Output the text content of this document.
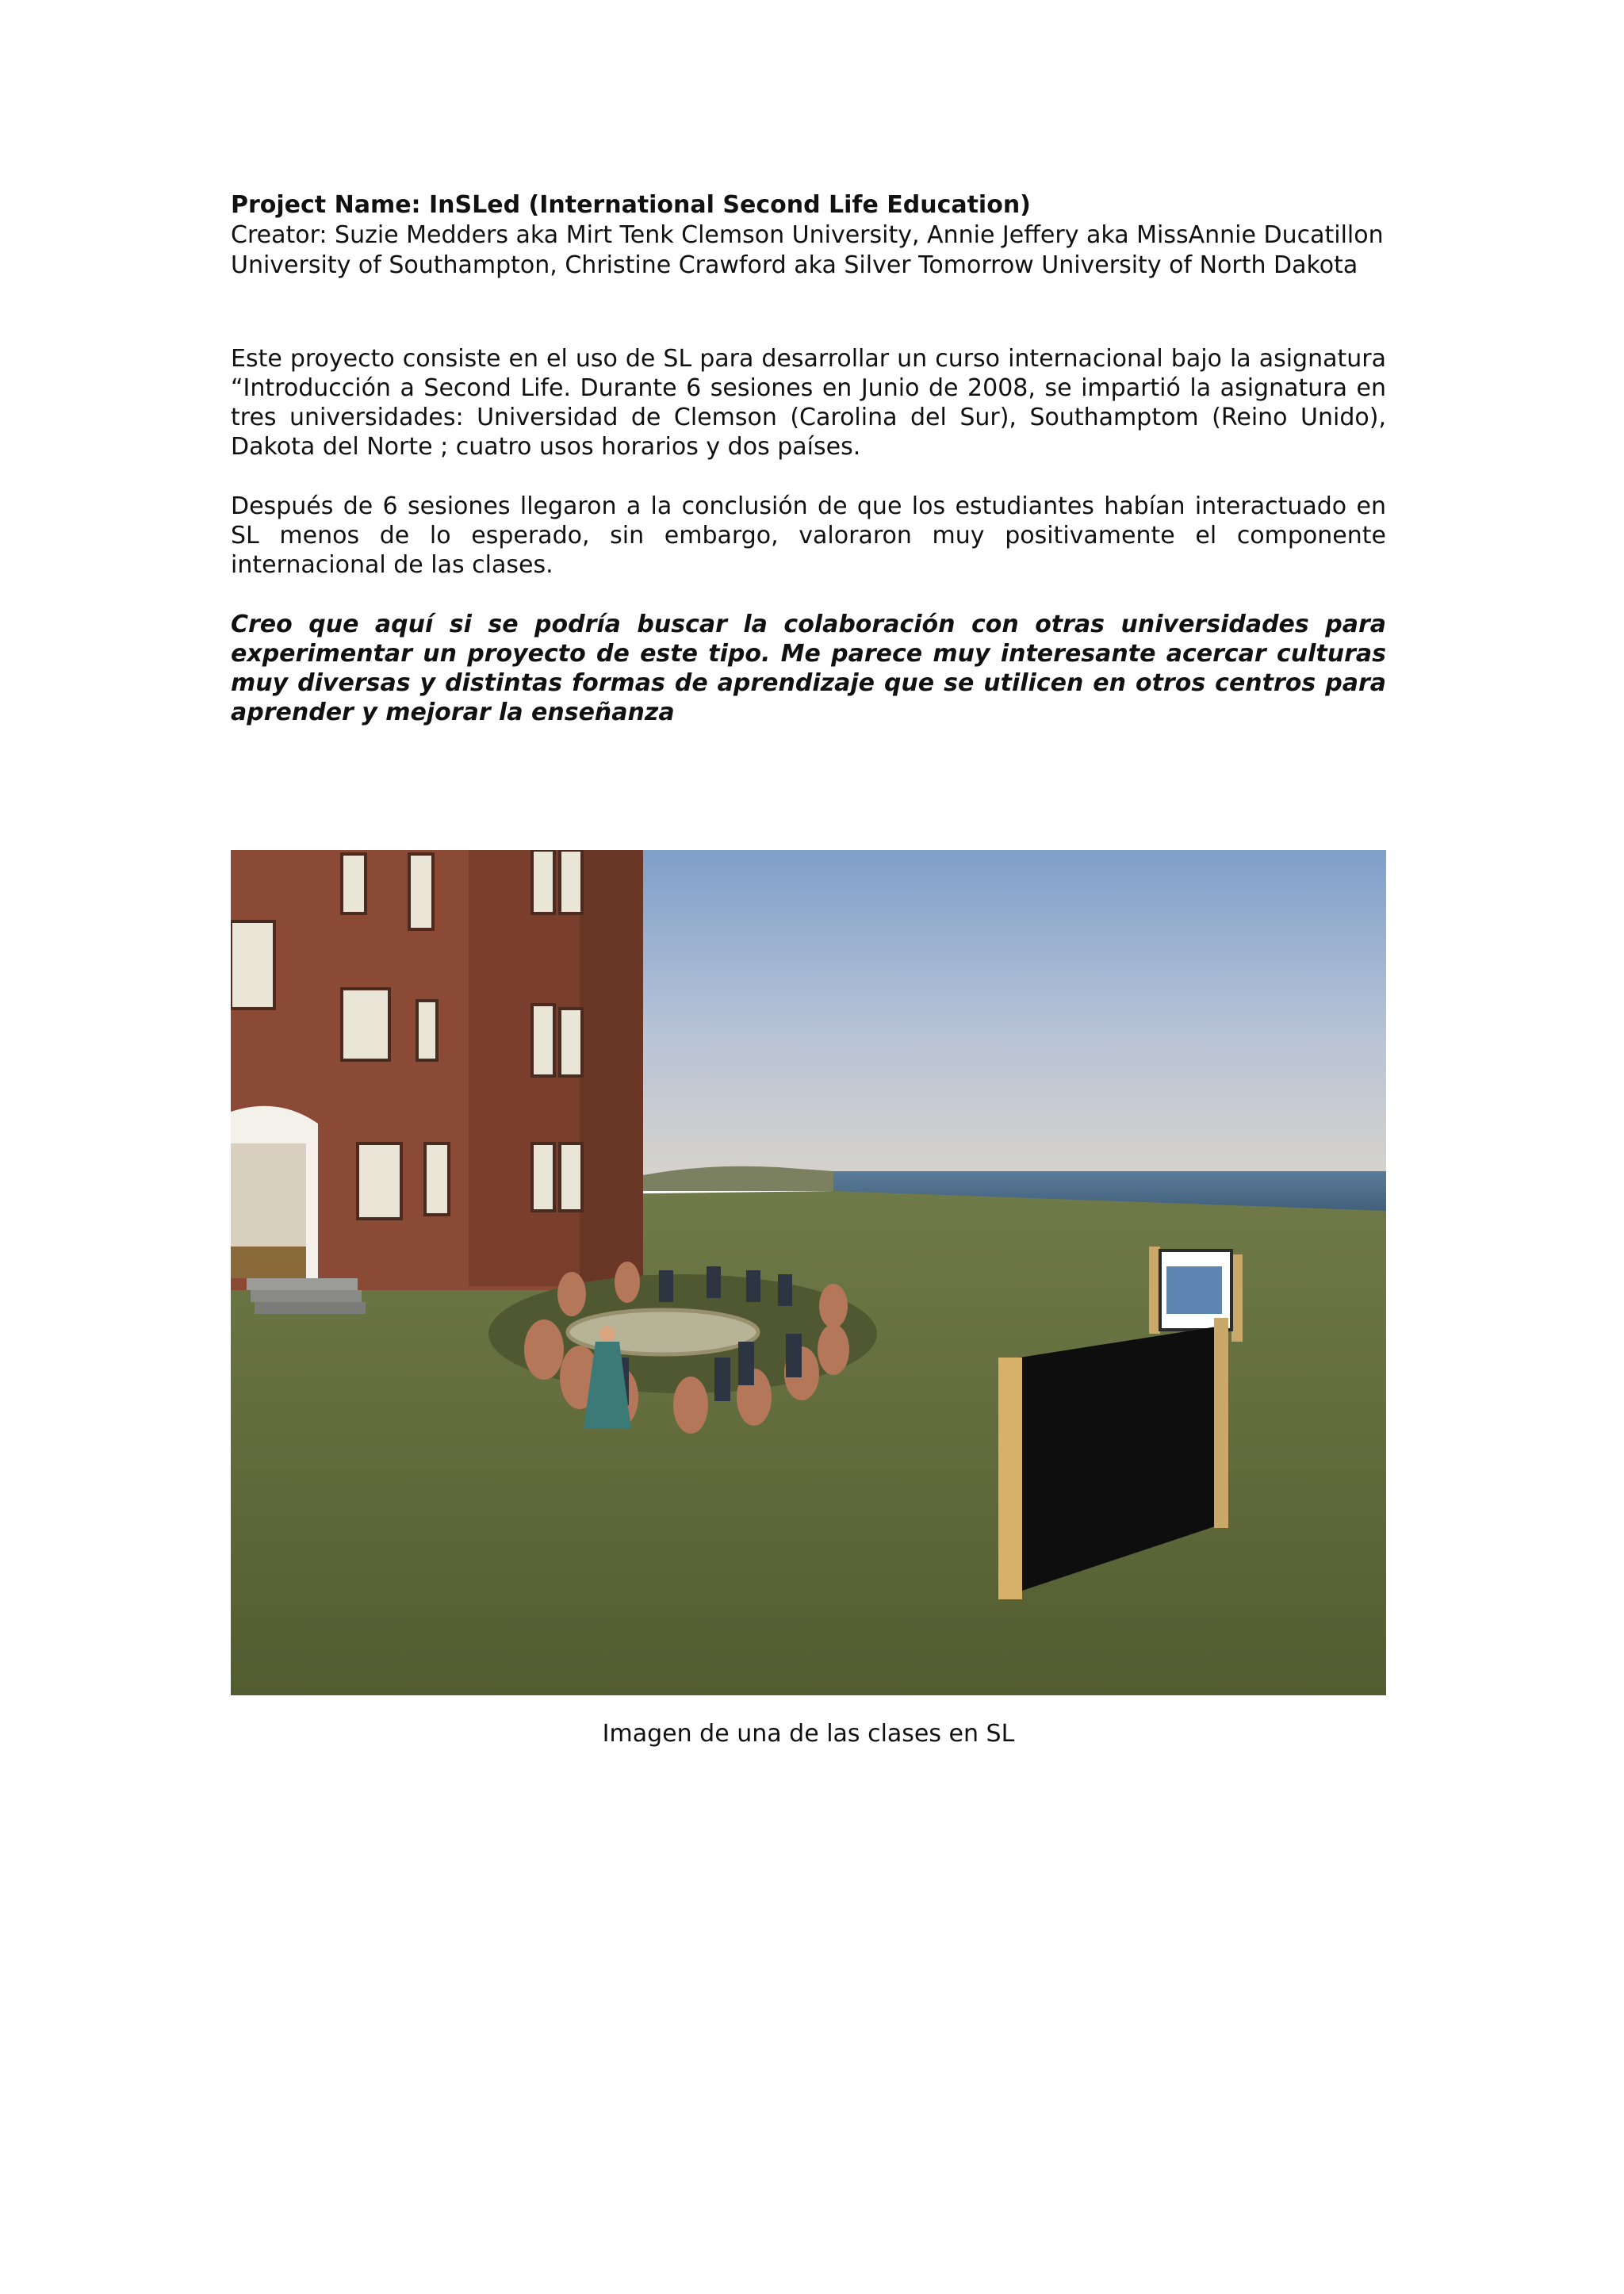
Project Name: InSLed (International Second Life Education)
Creator: Suzie Medders aka Mirt Tenk Clemson University, Annie Jeffery aka MissAnnie Ducatillon University of Southampton, Christine Crawford aka Silver Tomorrow University of North Dakota

Este proyecto consiste en el uso de SL para desarrollar un curso internacional bajo la asignatura “Introducción a Second Life. Durante 6 sesiones en Junio de 2008, se impartió la asignatura en tres universidades: Universidad de Clemson (Carolina del Sur), Southamptom (Reino Unido), Dakota del Norte ; cuatro usos horarios y dos países.

Después de 6 sesiones llegaron a la conclusión de que los estudiantes habían interactuado en SL menos de lo esperado, sin embargo, valoraron muy positivamente el componente internacional de las clases.

Creo que aquí si se podría buscar la colaboración con otras universidades para experimentar un proyecto de este tipo. Me parece muy interesante acercar culturas muy diversas y distintas formas de aprendizaje que se utilicen en otros centros para aprender y mejorar la enseñanza

Imagen de una de las clases en SL
